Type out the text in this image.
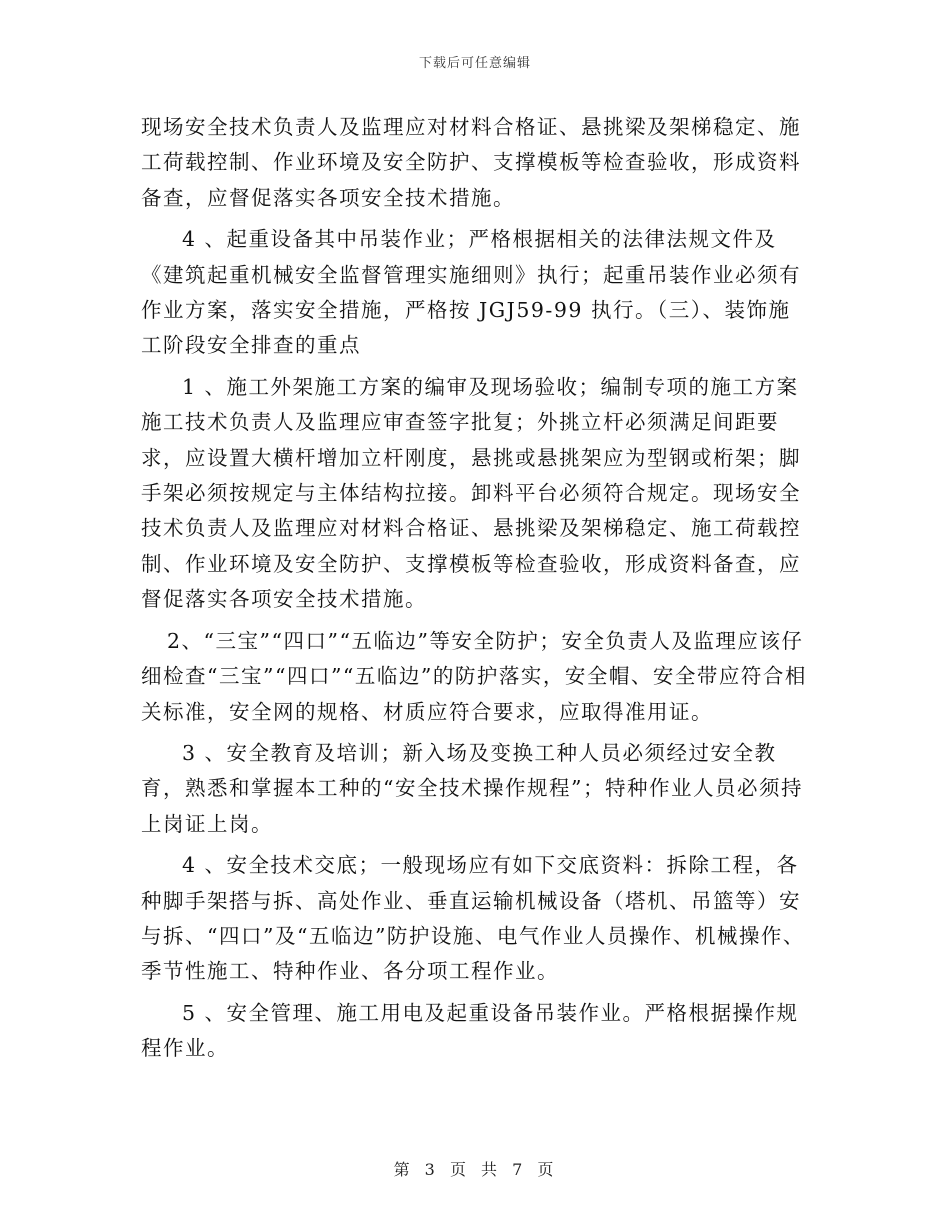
下载后可任意编辑

现场安全技术负责人及监理应对材料合格证、悬挑梁及架梯稳定、施工荷载控制、作业环境及安全防护、支撑模板等检查验收，形成资料备查，应督促落实各项安全技术措施。

4 、起重设备其中吊装作业；严格根据相关的法律法规文件及《建筑起重机械安全监督管理实施细则》执行；起重吊装作业必须有作业方案，落实安全措施，严格按 JGJ59-99 执行。（三）、装饰施工阶段安全排查的重点

1 、施工外架施工方案的编审及现场验收；编制专项的施工方案施工技术负责人及监理应审查签字批复；外挑立杆必须满足间距要求，应设置大横杆增加立杆刚度，悬挑或悬挑架应为型钢或桁架；脚手架必须按规定与主体结构拉接。卸料平台必须符合规定。现场安全技术负责人及监理应对材料合格证、悬挑梁及架梯稳定、施工荷载控制、作业环境及安全防护、支撑模板等检查验收，形成资料备查，应督促落实各项安全技术措施。

2、“三宝”“四口”“五临边”等安全防护；安全负责人及监理应该仔细检查“三宝”“四口”“五临边”的防护落实，安全帽、安全带应符合相关标准，安全网的规格、材质应符合要求，应取得准用证。

3 、安全教育及培训；新入场及变换工种人员必须经过安全教育，熟悉和掌握本工种的“安全技术操作规程”；特种作业人员必须持上岗证上岗。

4 、安全技术交底；一般现场应有如下交底资料：拆除工程，各种脚手架搭与拆、高处作业、垂直运输机械设备（塔机、吊篮等）安与拆、“四口”及“五临边”防护设施、电气作业人员操作、机械操作、季节性施工、特种作业、各分项工程作业。

5 、安全管理、施工用电及起重设备吊装作业。严格根据操作规程作业。

第 3 页 共 7 页
